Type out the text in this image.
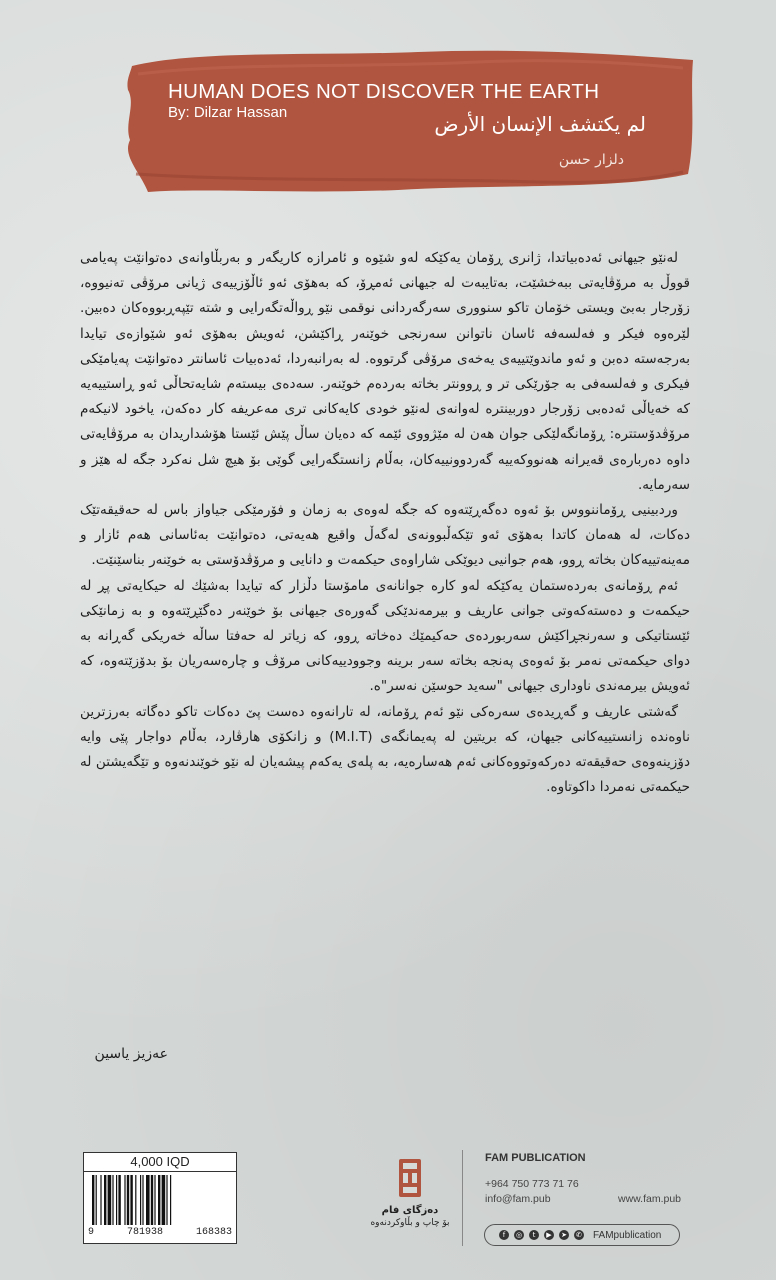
HUMAN DOES NOT DISCOVER THE EARTH
By: Dilzar Hassan	لم يكتشف الإنسان الأرض
دلزار حسن

لەنێو جیهانی ئەدەبیاتدا، ژانری ڕۆمان یەکێکە لەو شێوە و ئامرازە کاریگەر و بەربڵاوانەی دەتوانێت پەیامی قووڵ بە مرۆڤایەتی ببەخشێت، بەتایبەت لە جیهانی ئەمڕۆ، کە بەهۆی ئەو ئاڵۆزییەی ژیانی مرۆڤی تەنیووە، زۆرجار بەبێ ویستی خۆمان تاکو سنووری سەرگەردانی نوقمی نێو ڕواڵەتگەرایی و شتە تێپەڕبووەکان دەبین. لێرەوە فیکر و فەلسەفە ئاسان ناتوانن سەرنجی خوێنەر ڕاکێشن، ئەویش بەهۆی ئەو شێوازەی تیایدا بەرجەستە دەبن و ئەو ماندوێتییەی یەخەی مرۆڤی گرتووە. لە بەرانبەردا، ئەدەبیات ئاسانتر دەتوانێت پەیامێکی فیکری و فەلسەفی بە جۆرێکی تر و ڕوونتر بخاتە بەردەم خوێنەر. سەدەی بیستەم شایەتحاڵی ئەو ڕاستییەیە کە خەیاڵی ئەدەبی زۆرجار دوربینترە لەوانەی لەنێو خودی کایەکانی تری مەعریفە کار دەکەن، یاخود لانیکەم مرۆڤدۆستترە: ڕۆمانگەلێکی جوان هەن لە مێژووی ئێمە کە دەیان ساڵ پێش ئێستا هۆشداریدان بە مرۆڤایەتی داوە دەربارەی قەیرانە هەنووکەییە گەردوونییەکان، بەڵام زانستگەرایی گوێی بۆ هیچ شل نەکرد جگە لە هێز و سەرمایە.

وردبینیی ڕۆماننووس بۆ ئەوە دەگەڕێتەوە کە جگە لەوەی بە زمان و فۆرمێکی جیاواز باس لە حەقیقەتێک دەکات، لە هەمان کاتدا بەهۆی ئەو تێکەڵبوونەی لەگەڵ واقیع هەیەتی، دەتوانێت بەئاسانی هەم ئازار و مەینەتییەکان بخاتە ڕوو، هەم جوانیی دیوێکی شاراوەی حیکمەت و دانایی و مرۆڤدۆستی بە خوێنەر بناسێنێت.

ئەم ڕۆمانەی بەردەستمان یەکێکە لەو کارە جوانانەی مامۆستا دڵزار کە تیایدا بەشێك لە حیکایەتی پڕ لە حیکمەت و دەستەکەوتی جوانی عاریف و بیرمەندێکی گەورەی جیهانی بۆ خوێنەر دەگێڕێتەوە و بە زمانێکی ئێستاتیکی و سەرنجڕاکێش سەربوردەی حەکیمێك دەخاتە ڕوو، کە زیاتر لە حەفتا ساڵە خەریکی گەڕانە بە دوای حیکمەتی نەمر بۆ ئەوەی پەنجە بخاتە سەر برینە وجوودییەکانی مرۆڤ و چارەسەریان بۆ بدۆزێتەوە، کە ئەویش بیرمەندی ناوداری جیهانی "سەید حوسێن نەسر"ە.

گەشتی عاریف و گەڕیدەی سەرەکی نێو ئەم ڕۆمانە، لە تارانەوە دەست پێ دەکات تاکو دەگاتە بەرزترین ناوەندە زانستییەکانی جیهان، کە بریتین لە پەیمانگەی (M.I.T) و زانکۆی هارڤارد، بەڵام دواجار پێی وایە دۆزینەوەی حەقیقەتە دەرکەوتووەکانی ئەم هەسارەیە، بە پلەی یەکەم پیشەیان لە نێو خوێندنەوە و تێگەیشتن لە حیکمەتی نەمردا داکوتاوە.

عەزیز یاسین
4,000 IQD
9	781938	168383
دەزگای فام
بۆ چاپ و بڵاوکردنەوە
FAM PUBLICATION
+964 750 773 71 76
info@fam.pub	www.fam.pub
f	◎	t	▶	➤ ✆ FAMpublication
